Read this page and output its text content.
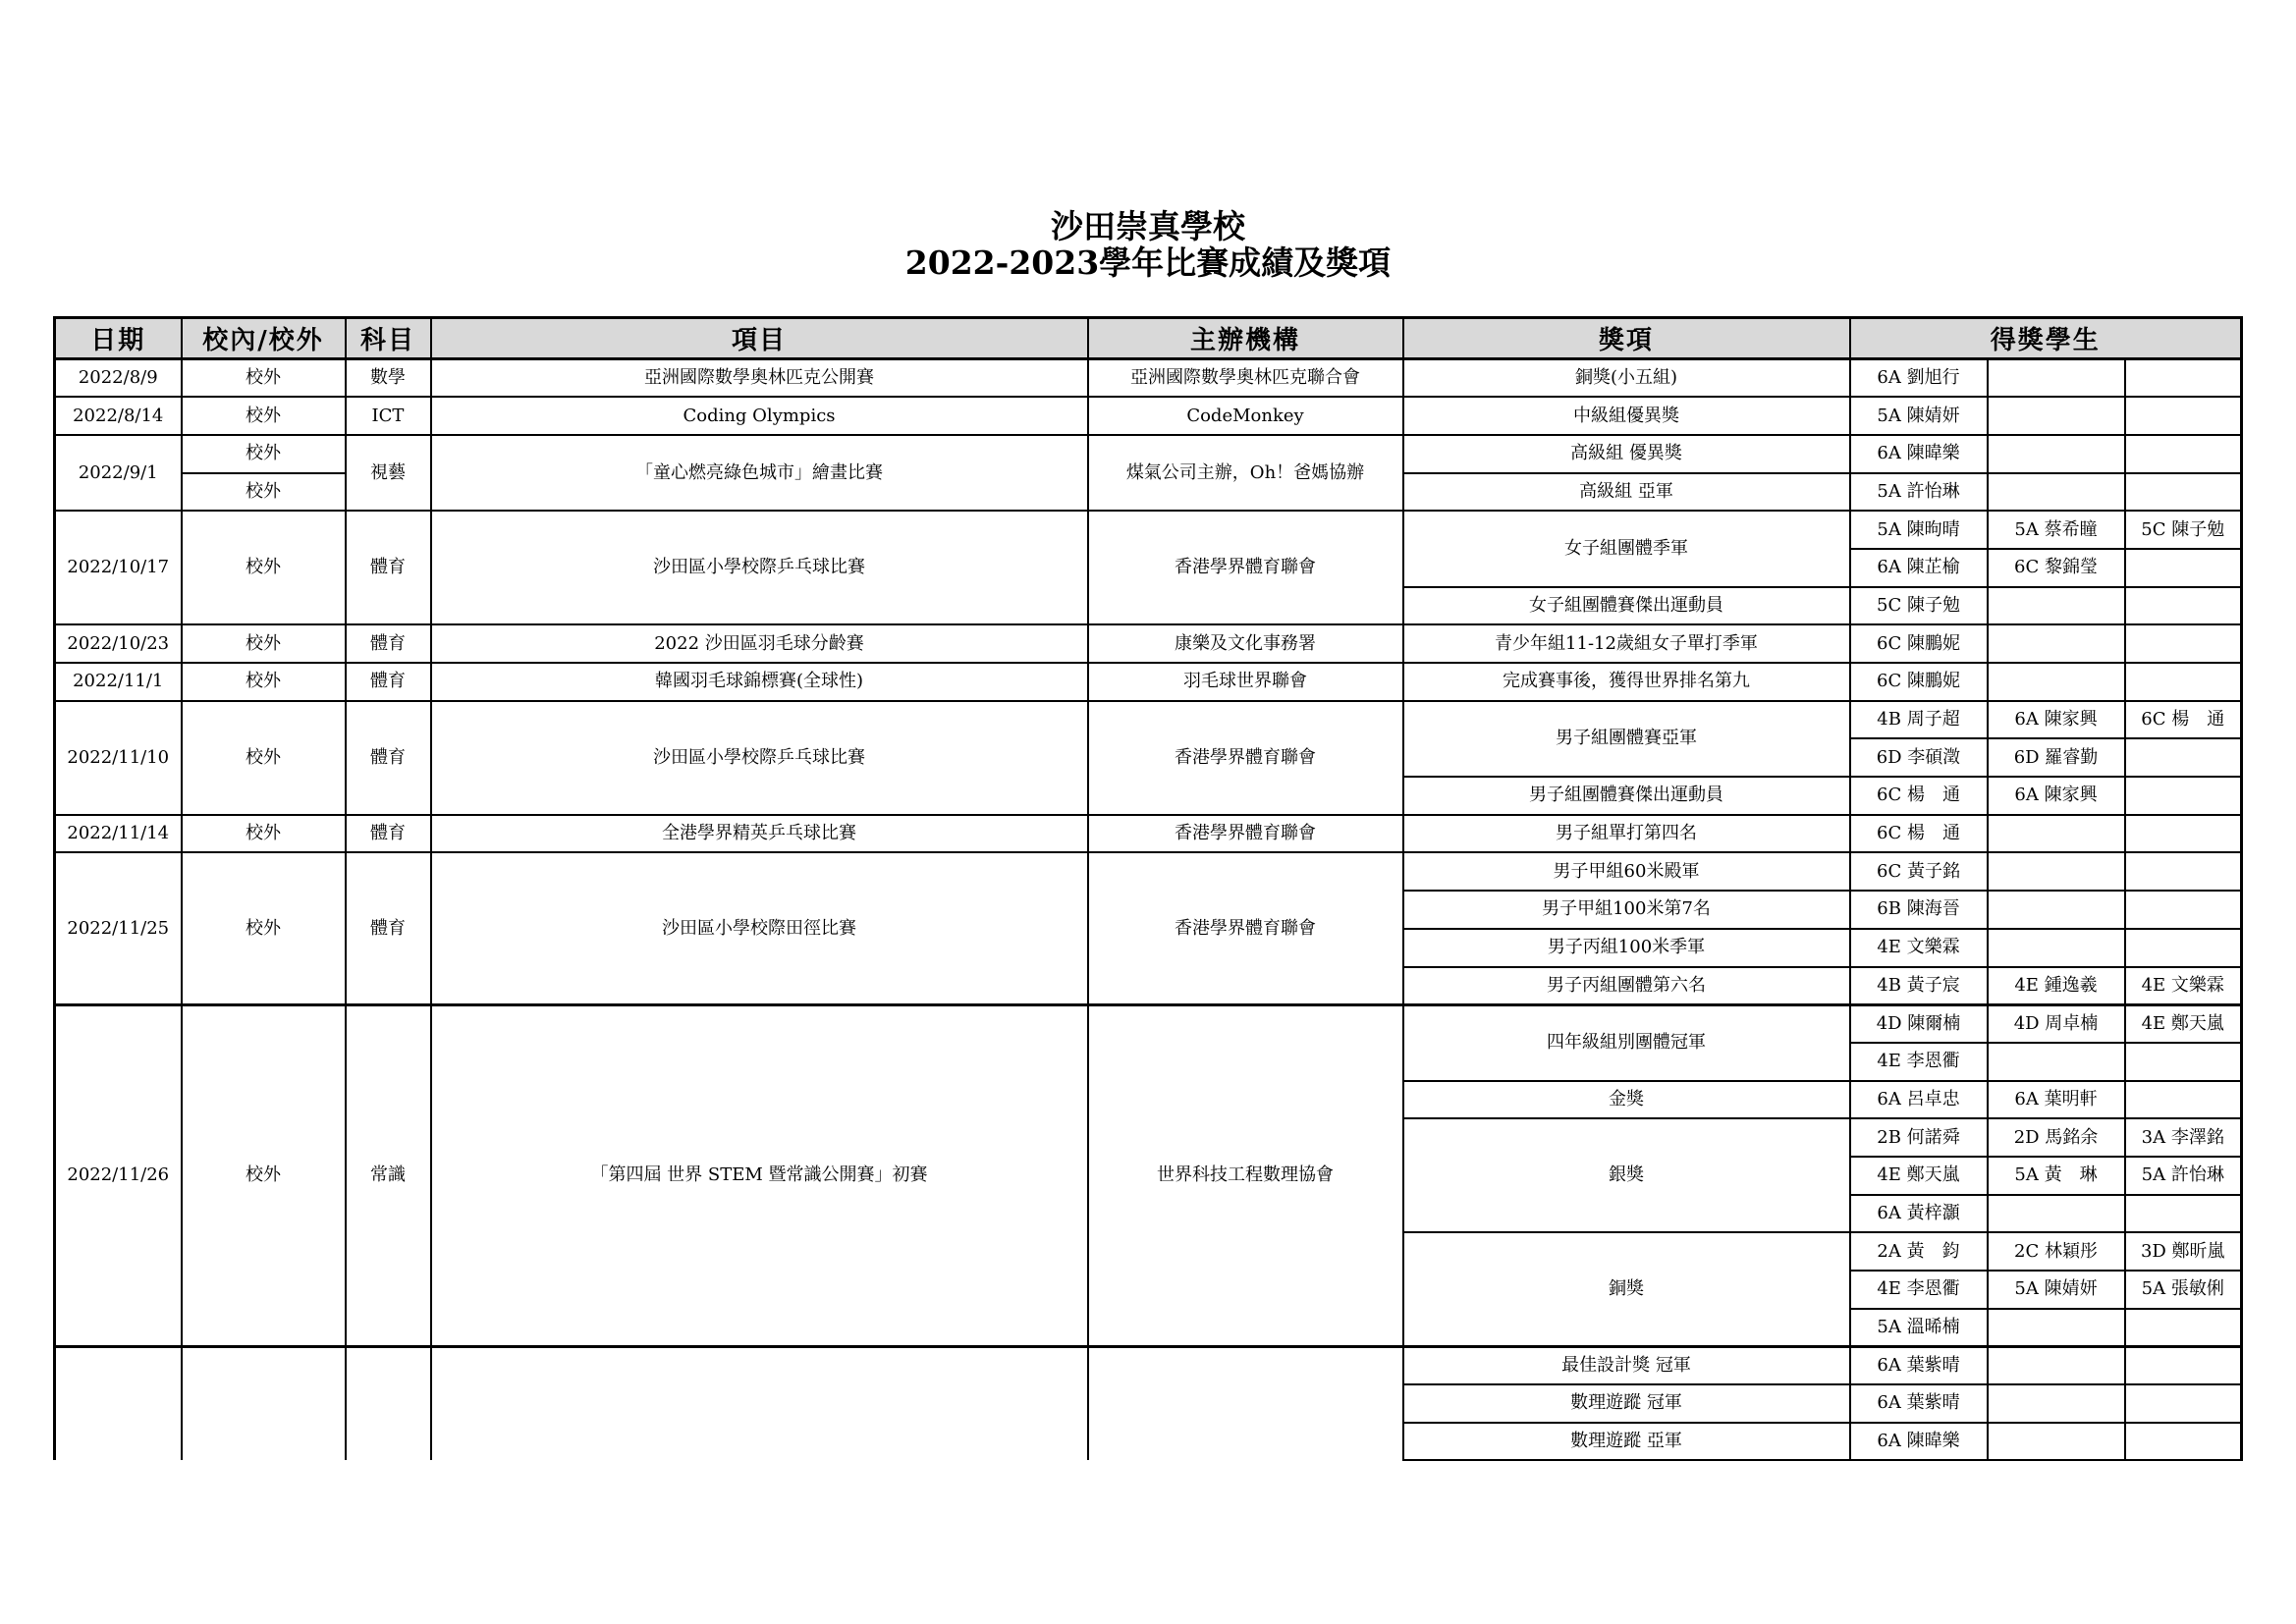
沙田崇真學校
2022-2023學年比賽成績及獎項
日期	校內/校外	科目	項目	主辦機構	獎項	得獎學生		
2022/8/9	校外	數學	亞洲國際數學奧林匹克公開賽	亞洲國際數學奧林匹克聯合會	銅獎(小五組)	6A 劉旭行		
2022/8/14	校外	ICT	Coding Olympics	CodeMonkey	中級組優異獎	5A 陳婧妍		
2022/9/1	校外	視藝	「童心燃亮綠色城市」繪畫比賽	煤氣公司主辦，Oh！爸媽協辦	高級組 優異獎	6A 陳暐樂		
	校外				高級組 亞軍	5A 許怡琳		
2022/10/17	校外	體育	沙田區小學校際乒乓球比賽	香港學界體育聯會	女子組團體季軍	5A 陳昫晴	5A 蔡希瞳	5C 陳子勉
						6A 陳芷榆	6C 黎錦瑩	
					女子組團體賽傑出運動員	5C 陳子勉		
2022/10/23	校外	體育	2022 沙田區羽毛球分齡賽	康樂及文化事務署	青少年組11-12歲組女子單打季軍	6C 陳鵬妮		
2022/11/1	校外	體育	韓國羽毛球錦標賽(全球性)	羽毛球世界聯會	完成賽事後，獲得世界排名第九	6C 陳鵬妮		
2022/11/10	校外	體育	沙田區小學校際乒乓球比賽	香港學界體育聯會	男子組團體賽亞軍	4B 周子超	6A 陳家興	6C 楊　通
						6D 李碩澂	6D 羅睿勤	
					男子組團體賽傑出運動員	6C 楊　通	6A 陳家興	
2022/11/14	校外	體育	全港學界精英乒乓球比賽	香港學界體育聯會	男子組單打第四名	6C 楊　通		
2022/11/25	校外	體育	沙田區小學校際田徑比賽	香港學界體育聯會	男子甲組60米殿軍	6C 黃子銘		
					男子甲組100米第7名	6B 陳海晉		
					男子丙組100米季軍	4E 文樂霖		
					男子丙組團體第六名	4B 黃子宸	4E 鍾逸羲	4E 文樂霖
2022/11/26	校外	常識	「第四屆 世界 STEM 暨常識公開賽」初賽	世界科技工程數理協會	四年級組別團體冠軍	4D 陳爾楠	4D 周卓楠	4E 鄭天嵐
						4E 李恩衢		
					金獎	6A 呂卓忠	6A 葉明軒	
					銀獎	2B 何諾舜	2D 馬銘余	3A 李澤銘
						4E 鄭天嵐	5A 黃　琳	5A 許怡琳
						6A 黃梓灝		
					銅獎	2A 黃　鈞	2C 林穎彤	3D 鄭昕嵐
						4E 李恩衢	5A 陳婧妍	5A 張敏俐
						5A 溫晞楠		
					最佳設計獎 冠軍	6A 葉紫晴		
					數理遊蹤 冠軍	6A 葉紫晴		
					數理遊蹤 亞軍	6A 陳暐樂		
